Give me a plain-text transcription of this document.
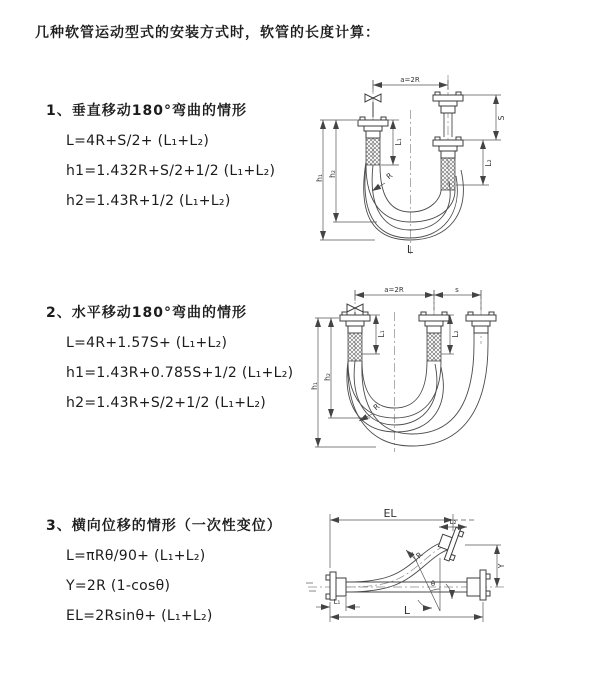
几种软管运动型式的安装方式时，软管的长度计算：
1、垂直移动180°弯曲的情形
L=4R+S/2+ (L₁+L₂)
h1=1.432R+S/2+1/2 (L₁+L₂)
h2=1.43R+1/2 (L₁+L₂)
2、水平移动180°弯曲的情形
L=4R+1.57S+ (L₁+L₂)
h1=1.43R+0.785S+1/2 (L₁+L₂)
h2=1.43R+S/2+1/2 (L₁+L₂)
3、横向位移的情形（一次性变位）
L=πRθ/90+ (L₁+L₂)
Y=2R (1-cosθ)
EL=2Rsinθ+ (L₁+L₂)
a=2R
h₁
h₂
L₁
S
L₂
R
L
a=2R	s
h₁
h₂
L₁	L₂
R
EL
L₂
Y
L
L₁
R
θ
